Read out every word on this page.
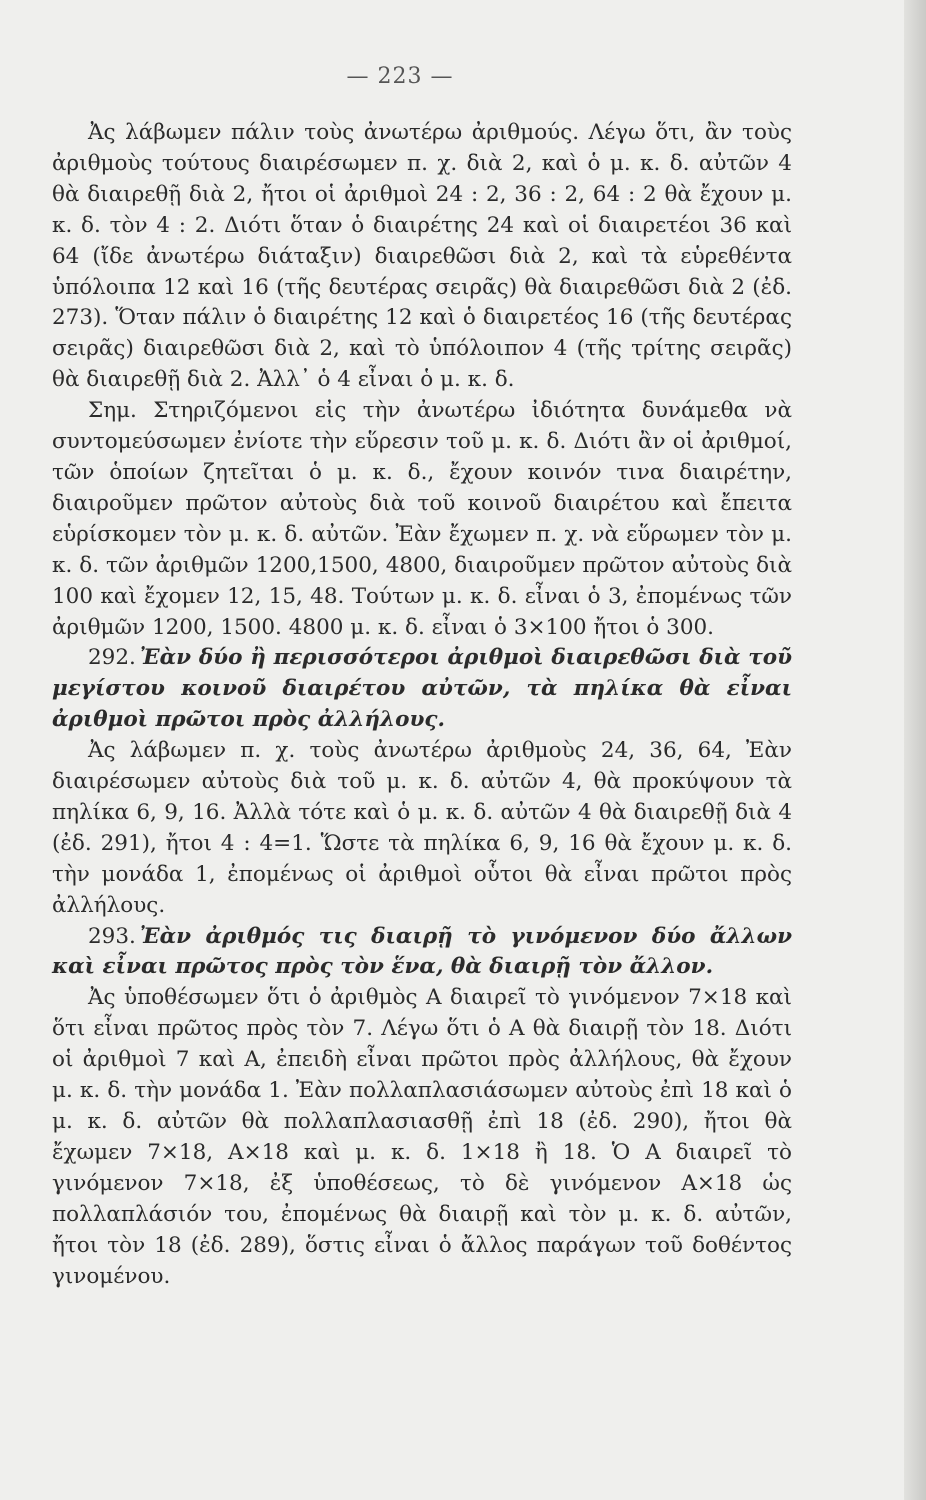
— 223 —

Ἀς λάβωμεν πάλιν τοὺς ἀνωτέρω ἀριθμούς. Λέγω ὅτι, ἂν τοὺς ἀριθμοὺς τούτους διαιρέσωμεν π. χ. διὰ 2, καὶ ὁ μ. κ. δ. αὐτῶν 4 θὰ διαιρεθῇ διὰ 2, ἤτοι οἱ ἀριθμοὶ 24 : 2, 36 : 2, 64 : 2 θὰ ἔχουν μ. κ. δ. τὸν 4 : 2. Διότι ὅταν ὁ διαιρέτης 24 καὶ οἱ διαιρετέοι 36 καὶ 64 (ἴδε ἀνωτέρω διάταξιν) διαιρεθῶσι διὰ 2, καὶ τὰ εὑρεθέντα ὑπόλοιπα 12 καὶ 16 (τῆς δευτέρας σειρᾶς) θὰ διαιρεθῶσι διὰ 2 (ἐδ. 273). Ὅταν πάλιν ὁ διαιρέτης 12 καὶ ὁ διαιρετέος 16 (τῆς δευτέρας σειρᾶς) διαιρεθῶσι διὰ 2, καὶ τὸ ὑπόλοιπον 4 (τῆς τρίτης σειρᾶς) θὰ διαιρεθῇ διὰ 2. Ἀλλ᾽ ὁ 4 εἶναι ὁ μ. κ. δ.

Σημ. Στηριζόμενοι εἰς τὴν ἀνωτέρω ἰδιότητα δυνάμεθα νὰ συντομεύσωμεν ἐνίοτε τὴν εὕρεσιν τοῦ μ. κ. δ. Διότι ἂν οἱ ἀριθμοί, τῶν ὁποίων ζητεῖται ὁ μ. κ. δ., ἔχουν κοινόν τινα διαιρέτην, διαιροῦμεν πρῶτον αὐτοὺς διὰ τοῦ κοινοῦ διαιρέτου καὶ ἔπειτα εὑρίσκομεν τὸν μ. κ. δ. αὐτῶν. Ἐὰν ἔχωμεν π. χ. νὰ εὕρωμεν τὸν μ. κ. δ. τῶν ἀριθμῶν 1200,1500, 4800, διαιροῦμεν πρῶτον αὐτοὺς διὰ 100 καὶ ἔχομεν 12, 15, 48. Τούτων μ. κ. δ. εἶναι ὁ 3, ἐπομένως τῶν ἀριθμῶν 1200, 1500. 4800 μ. κ. δ. εἶναι ὁ 3×100 ἤτοι ὁ 300.

292. Ἐὰν δύο ἢ περισσότεροι ἀριθμοὶ διαιρεθῶσι διὰ τοῦ μεγίστου κοινοῦ διαιρέτου αὐτῶν, τὰ πηλίκα θὰ εἶναι ἀριθμοὶ πρῶτοι πρὸς ἀλλήλους.

Ἀς λάβωμεν π. χ. τοὺς ἀνωτέρω ἀριθμοὺς 24, 36, 64, Ἐὰν διαιρέσωμεν αὐτοὺς διὰ τοῦ μ. κ. δ. αὐτῶν 4, θὰ προκύψουν τὰ πηλίκα 6, 9, 16. Ἀλλὰ τότε καὶ ὁ μ. κ. δ. αὐτῶν 4 θὰ διαιρεθῇ διὰ 4 (ἐδ. 291), ἤτοι 4 : 4=1. Ὥστε τὰ πηλίκα 6, 9, 16 θὰ ἔχουν μ. κ. δ. τὴν μονάδα 1, ἐπομένως οἱ ἀριθμοὶ οὗτοι θὰ εἶναι πρῶτοι πρὸς ἀλλήλους.

293. Ἐὰν ἀριθμός τις διαιρῇ τὸ γινόμενον δύο ἄλλων καὶ εἶναι πρῶτος πρὸς τὸν ἕνα, θὰ διαιρῇ τὸν ἄλλον.

Ἀς ὑποθέσωμεν ὅτι ὁ ἀριθμὸς Α διαιρεῖ τὸ γινόμενον 7×18 καὶ ὅτι εἶναι πρῶτος πρὸς τὸν 7. Λέγω ὅτι ὁ Α θὰ διαιρῇ τὸν 18. Διότι οἱ ἀριθμοὶ 7 καὶ Α, ἐπειδὴ εἶναι πρῶτοι πρὸς ἀλλήλους, θὰ ἔχουν μ. κ. δ. τὴν μονάδα 1. Ἐὰν πολλαπλασιάσωμεν αὐτοὺς ἐπὶ 18 καὶ ὁ μ. κ. δ. αὐτῶν θὰ πολλαπλασιασθῇ ἐπὶ 18 (ἐδ. 290), ἤτοι θὰ ἔχωμεν 7×18, Α×18 καὶ μ. κ. δ. 1×18 ἢ 18. Ὁ Α διαιρεῖ τὸ γινόμενον 7×18, ἐξ ὑποθέσεως, τὸ δὲ γινόμενον Α×18 ὡς πολλαπλάσιόν του, ἐπομένως θὰ διαιρῇ καὶ τὸν μ. κ. δ. αὐτῶν, ἤτοι τὸν 18 (ἐδ. 289), ὅστις εἶναι ὁ ἄλλος παράγων τοῦ δοθέντος γινομένου.
